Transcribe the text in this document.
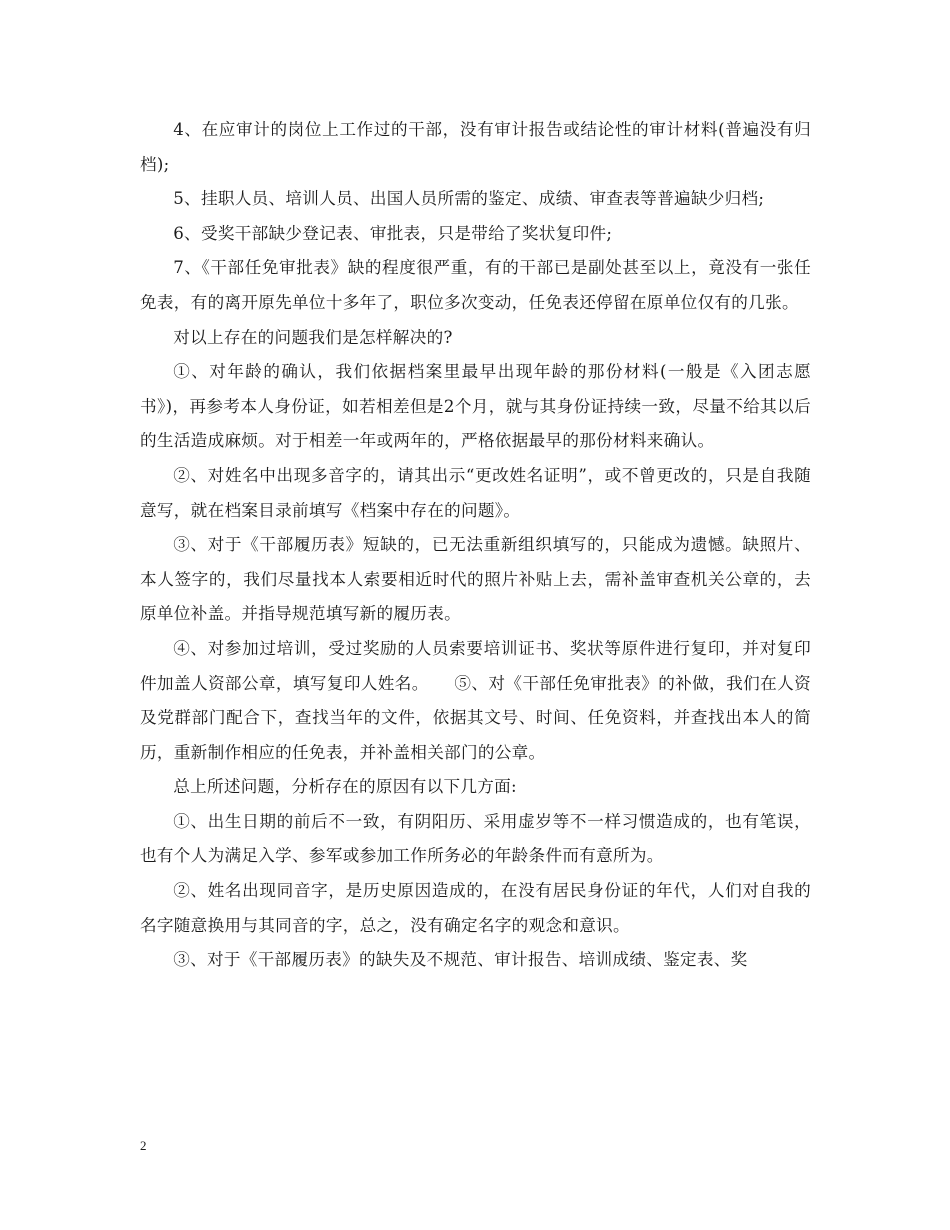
4、在应审计的岗位上工作过的干部，没有审计报告或结论性的审计材料(普遍没有归档);

5、挂职人员、培训人员、出国人员所需的鉴定、成绩、审查表等普遍缺少归档;

6、受奖干部缺少登记表、审批表，只是带给了奖状复印件;

7、《干部任免审批表》缺的程度很严重，有的干部已是副处甚至以上，竟没有一张任免表，有的离开原先单位十多年了，职位多次变动，任免表还停留在原单位仅有的几张。

对以上存在的问题我们是怎样解决的?

①、对年龄的确认，我们依据档案里最早出现年龄的那份材料(一般是《入团志愿书》)，再参考本人身份证，如若相差但是2个月，就与其身份证持续一致，尽量不给其以后的生活造成麻烦。对于相差一年或两年的，严格依据最早的那份材料来确认。

②、对姓名中出现多音字的，请其出示“更改姓名证明”，或不曾更改的，只是自我随意写，就在档案目录前填写《档案中存在的问题》。

③、对于《干部履历表》短缺的，已无法重新组织填写的，只能成为遗憾。缺照片、本人签字的，我们尽量找本人索要相近时代的照片补贴上去，需补盖审查机关公章的，去原单位补盖。并指导规范填写新的履历表。

④、对参加过培训，受过奖励的人员索要培训证书、奖状等原件进行复印，并对复印件加盖人资部公章，填写复印人姓名。　　⑤、对《干部任免审批表》的补做，我们在人资及党群部门配合下，查找当年的文件，依据其文号、时间、任免资料，并查找出本人的简历，重新制作相应的任免表，并补盖相关部门的公章。

总上所述问题，分析存在的原因有以下几方面:

①、出生日期的前后不一致，有阴阳历、采用虚岁等不一样习惯造成的，也有笔误，也有个人为满足入学、参军或参加工作所务必的年龄条件而有意所为。

②、姓名出现同音字，是历史原因造成的，在没有居民身份证的年代，人们对自我的名字随意换用与其同音的字，总之，没有确定名字的观念和意识。

③、对于《干部履历表》的缺失及不规范、审计报告、培训成绩、鉴定表、奖

2
